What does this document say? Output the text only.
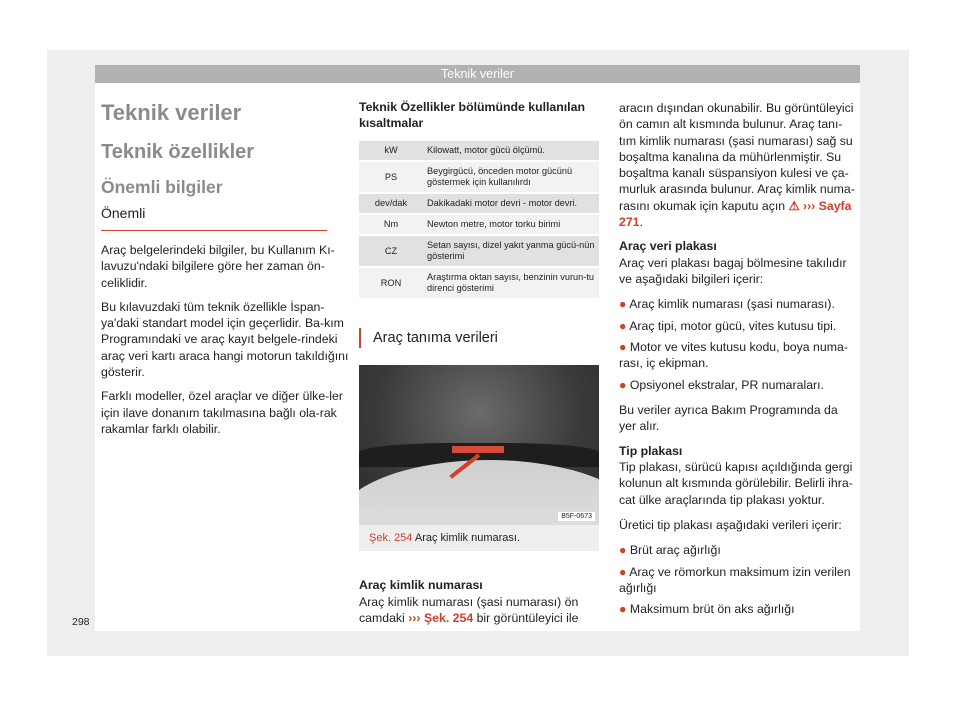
Teknik veriler
Teknik veriler
Teknik özellikler
Önemli bilgiler
Önemli

Araç belgelerindeki bilgiler, bu Kullanım Kı-lavuzu'ndaki bilgilere göre her zaman ön-celiklidir.

Bu kılavuzdaki tüm teknik özellikle İspan-ya'daki standart model için geçerlidir. Ba-kım Programındaki ve araç kayıt belgele-rindeki araç veri kartı araca hangi motorun takıldığını gösterir.

Farklı modeller, özel araçlar ve diğer ülke-ler için ilave donanım takılmasına bağlı ola-rak rakamlar farklı olabilir.

Teknik Özellikler bölümünde kullanılan kısaltmalar
kW	Kilowatt, motor gücü ölçümü.
PS	Beygirgücü, önceden motor gücünü göstermek için kullanılırdı
dev/dak	Dakikadaki motor devri - motor devri.
Nm	Newton metre, motor torku birimi
CZ	Setan sayısı, dizel yakıt yanma gücü-nün gösterimi
RON	Araştırma oktan sayısı, benzinin vurun-tu direnci gösterimi
Araç tanıma verileri
B5F-0673
Şek. 254 Araç kimlik numarası.
Araç kimlik numarası

Araç kimlik numarası (şasi numarası) ön camdaki ››› Şek. 254 bir görüntüleyici ile

aracın dışından okunabilir. Bu görüntüleyici ön camın alt kısmında bulunur. Araç tanı-tım kimlik numarası (şasi numarası) sağ su boşaltma kanalına da mühürlenmiştir. Su boşaltma kanalı süspansiyon kulesi ve ça-murluk arasında bulunur. Araç kimlik numa-rasını okumak için kaputu açın ⚠ ››› Sayfa 271.

Araç veri plakası

Araç veri plakası bagaj bölmesine takılıdır ve aşağıdaki bilgileri içerir:

● Araç kimlik numarası (şasi numarası).
● Araç tipi, motor gücü, vites kutusu tipi.
● Motor ve vites kutusu kodu, boya numa-rası, iç ekipman.
● Opsiyonel ekstralar, PR numaraları.

Bu veriler ayrıca Bakım Programında da yer alır.

Tip plakası

Tip plakası, sürücü kapısı açıldığında gergi kolunun alt kısmında görülebilir. Belirli ihra-cat ülke araçlarında tip plakası yoktur.

Üretici tip plakası aşağıdaki verileri içerir:

● Brüt araç ağırlığı
● Araç ve römorkun maksimum izin verilen ağırlığı
● Maksimum brüt ön aks ağırlığı
298
